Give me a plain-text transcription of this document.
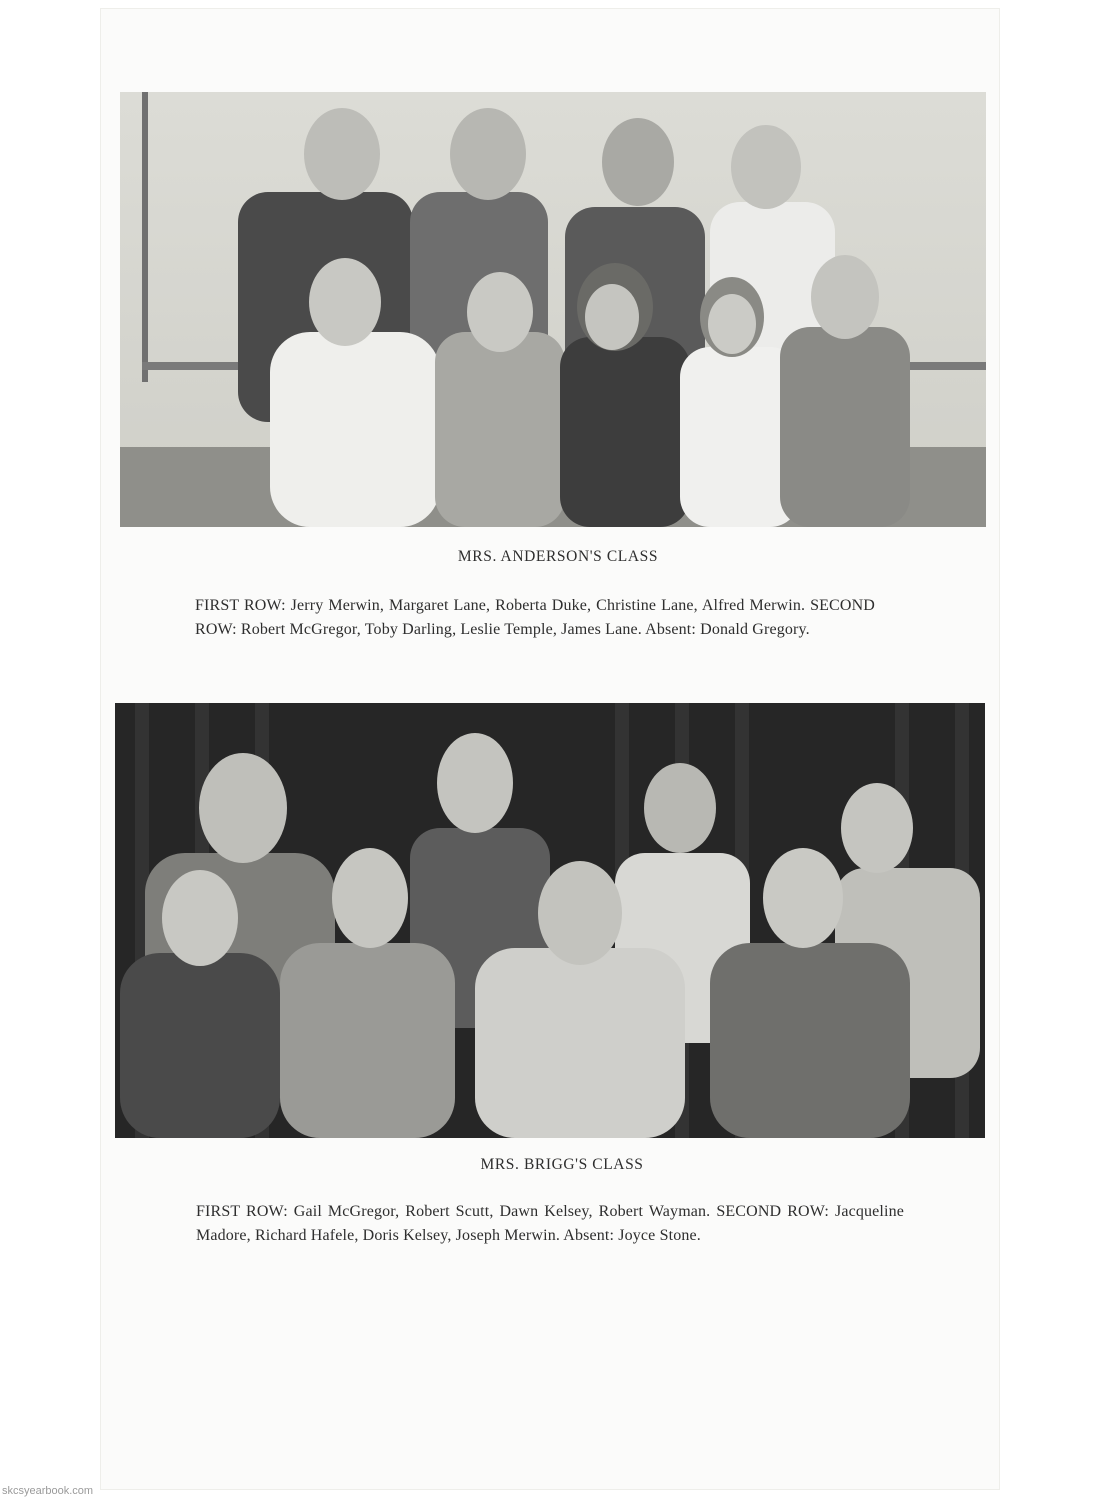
MRS. ANDERSON'S CLASS
FIRST ROW: Jerry Merwin, Margaret Lane, Roberta Duke, Christine Lane, Alfred Merwin. SECOND ROW: Robert McGregor, Toby Darling, Leslie Temple, James Lane. Absent: Donald Gregory.
MRS. BRIGG'S CLASS
FIRST ROW: Gail McGregor, Robert Scutt, Dawn Kelsey, Robert Wayman. SECOND ROW: Jacqueline Madore, Richard Hafele, Doris Kelsey, Joseph Merwin. Absent: Joyce Stone.
skcsyearbook.com
